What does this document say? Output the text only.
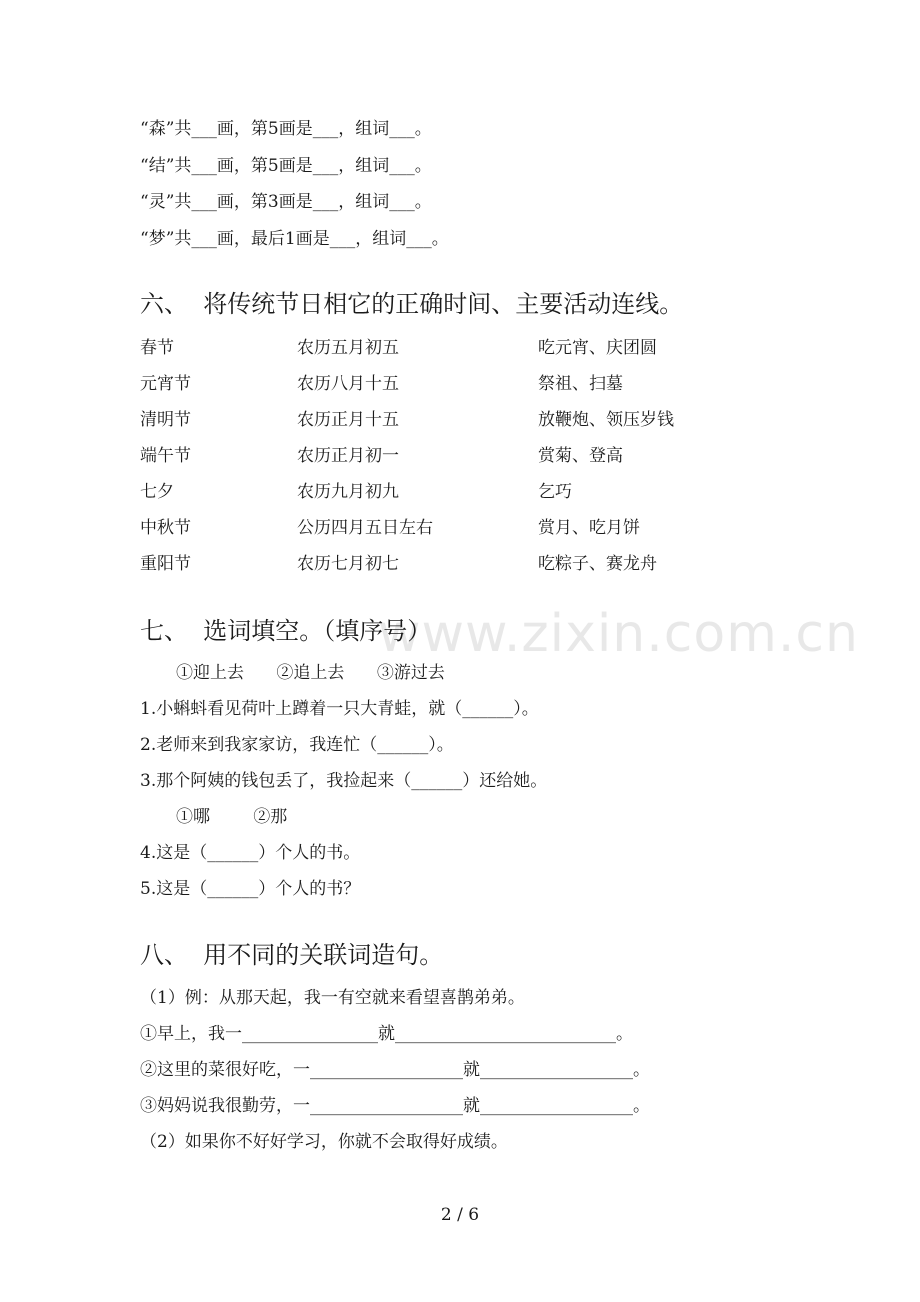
www.zixin.com.cn
“森”共___画，第5画是___，组词___。
“结”共___画，第5画是___，组词___。
“灵”共___画，第3画是___，组词___。
“梦”共___画，最后1画是___，组词___。
六、  将传统节日相它的正确时间、主要活动连线。
春节	农历五月初五	吃元宵、庆团圆
元宵节	农历八月十五	祭祖、扫墓
清明节	农历正月十五	放鞭炮、领压岁钱
端午节	农历正月初一	赏菊、登高
七夕	农历九月初九	乞巧
中秋节	公历四月五日左右	赏月、吃月饼
重阳节	农历七月初七	吃粽子、赛龙舟
七、  选词填空。（填序号）
①迎上去      ②追上去      ③游过去
1.小蝌蚪看见荷叶上蹲着一只大青蛙，就（______）。
2.老师来到我家家访，我连忙（______）。
3.那个阿姨的钱包丢了，我捡起来（______）还给她。
①哪        ②那
4.这是（______）个人的书。
5.这是（______）个人的书？
八、  用不同的关联词造句。
（1）例：从那天起，我一有空就来看望喜鹊弟弟。
①早上，我一________________就__________________________。
②这里的菜很好吃，一__________________就__________________。
③妈妈说我很勤劳，一__________________就__________________。
（2）如果你不好好学习，你就不会取得好成绩。
2 / 6
